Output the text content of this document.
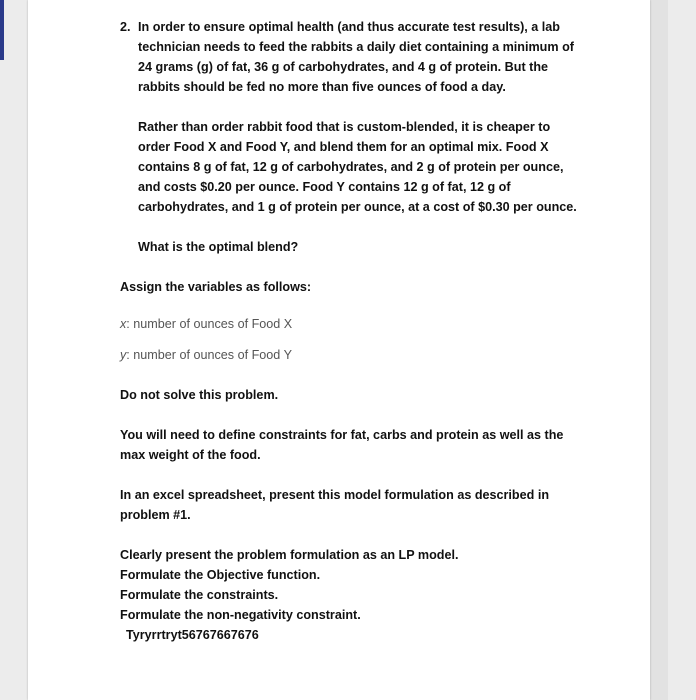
2. In order to ensure optimal health (and thus accurate test results), a lab technician needs to feed the rabbits a daily diet containing a minimum of 24 grams (g) of fat, 36 g of carbohydrates, and 4 g of protein. But the rabbits should be fed no more than five ounces of food a day.

Rather than order rabbit food that is custom-blended, it is cheaper to order Food X and Food Y, and blend them for an optimal mix. Food X contains 8 g of fat, 12 g of carbohydrates, and 2 g of protein per ounce, and costs $0.20 per ounce. Food Y contains 12 g of fat, 12 g of carbohydrates, and 1 g of protein per ounce, at a cost of $0.30 per ounce.

What is the optimal blend?

Assign the variables as follows:

x: number of ounces of Food X

y: number of ounces of Food Y

Do not solve this problem.

You will need to define constraints for fat, carbs and protein as well as the max weight of the food.

In an excel spreadsheet, present this model formulation as described in problem #1.

Clearly present the problem formulation as an LP model.

Formulate the Objective function.

Formulate the constraints.

Formulate the non-negativity constraint.

Tyryrrtryt56767667676
